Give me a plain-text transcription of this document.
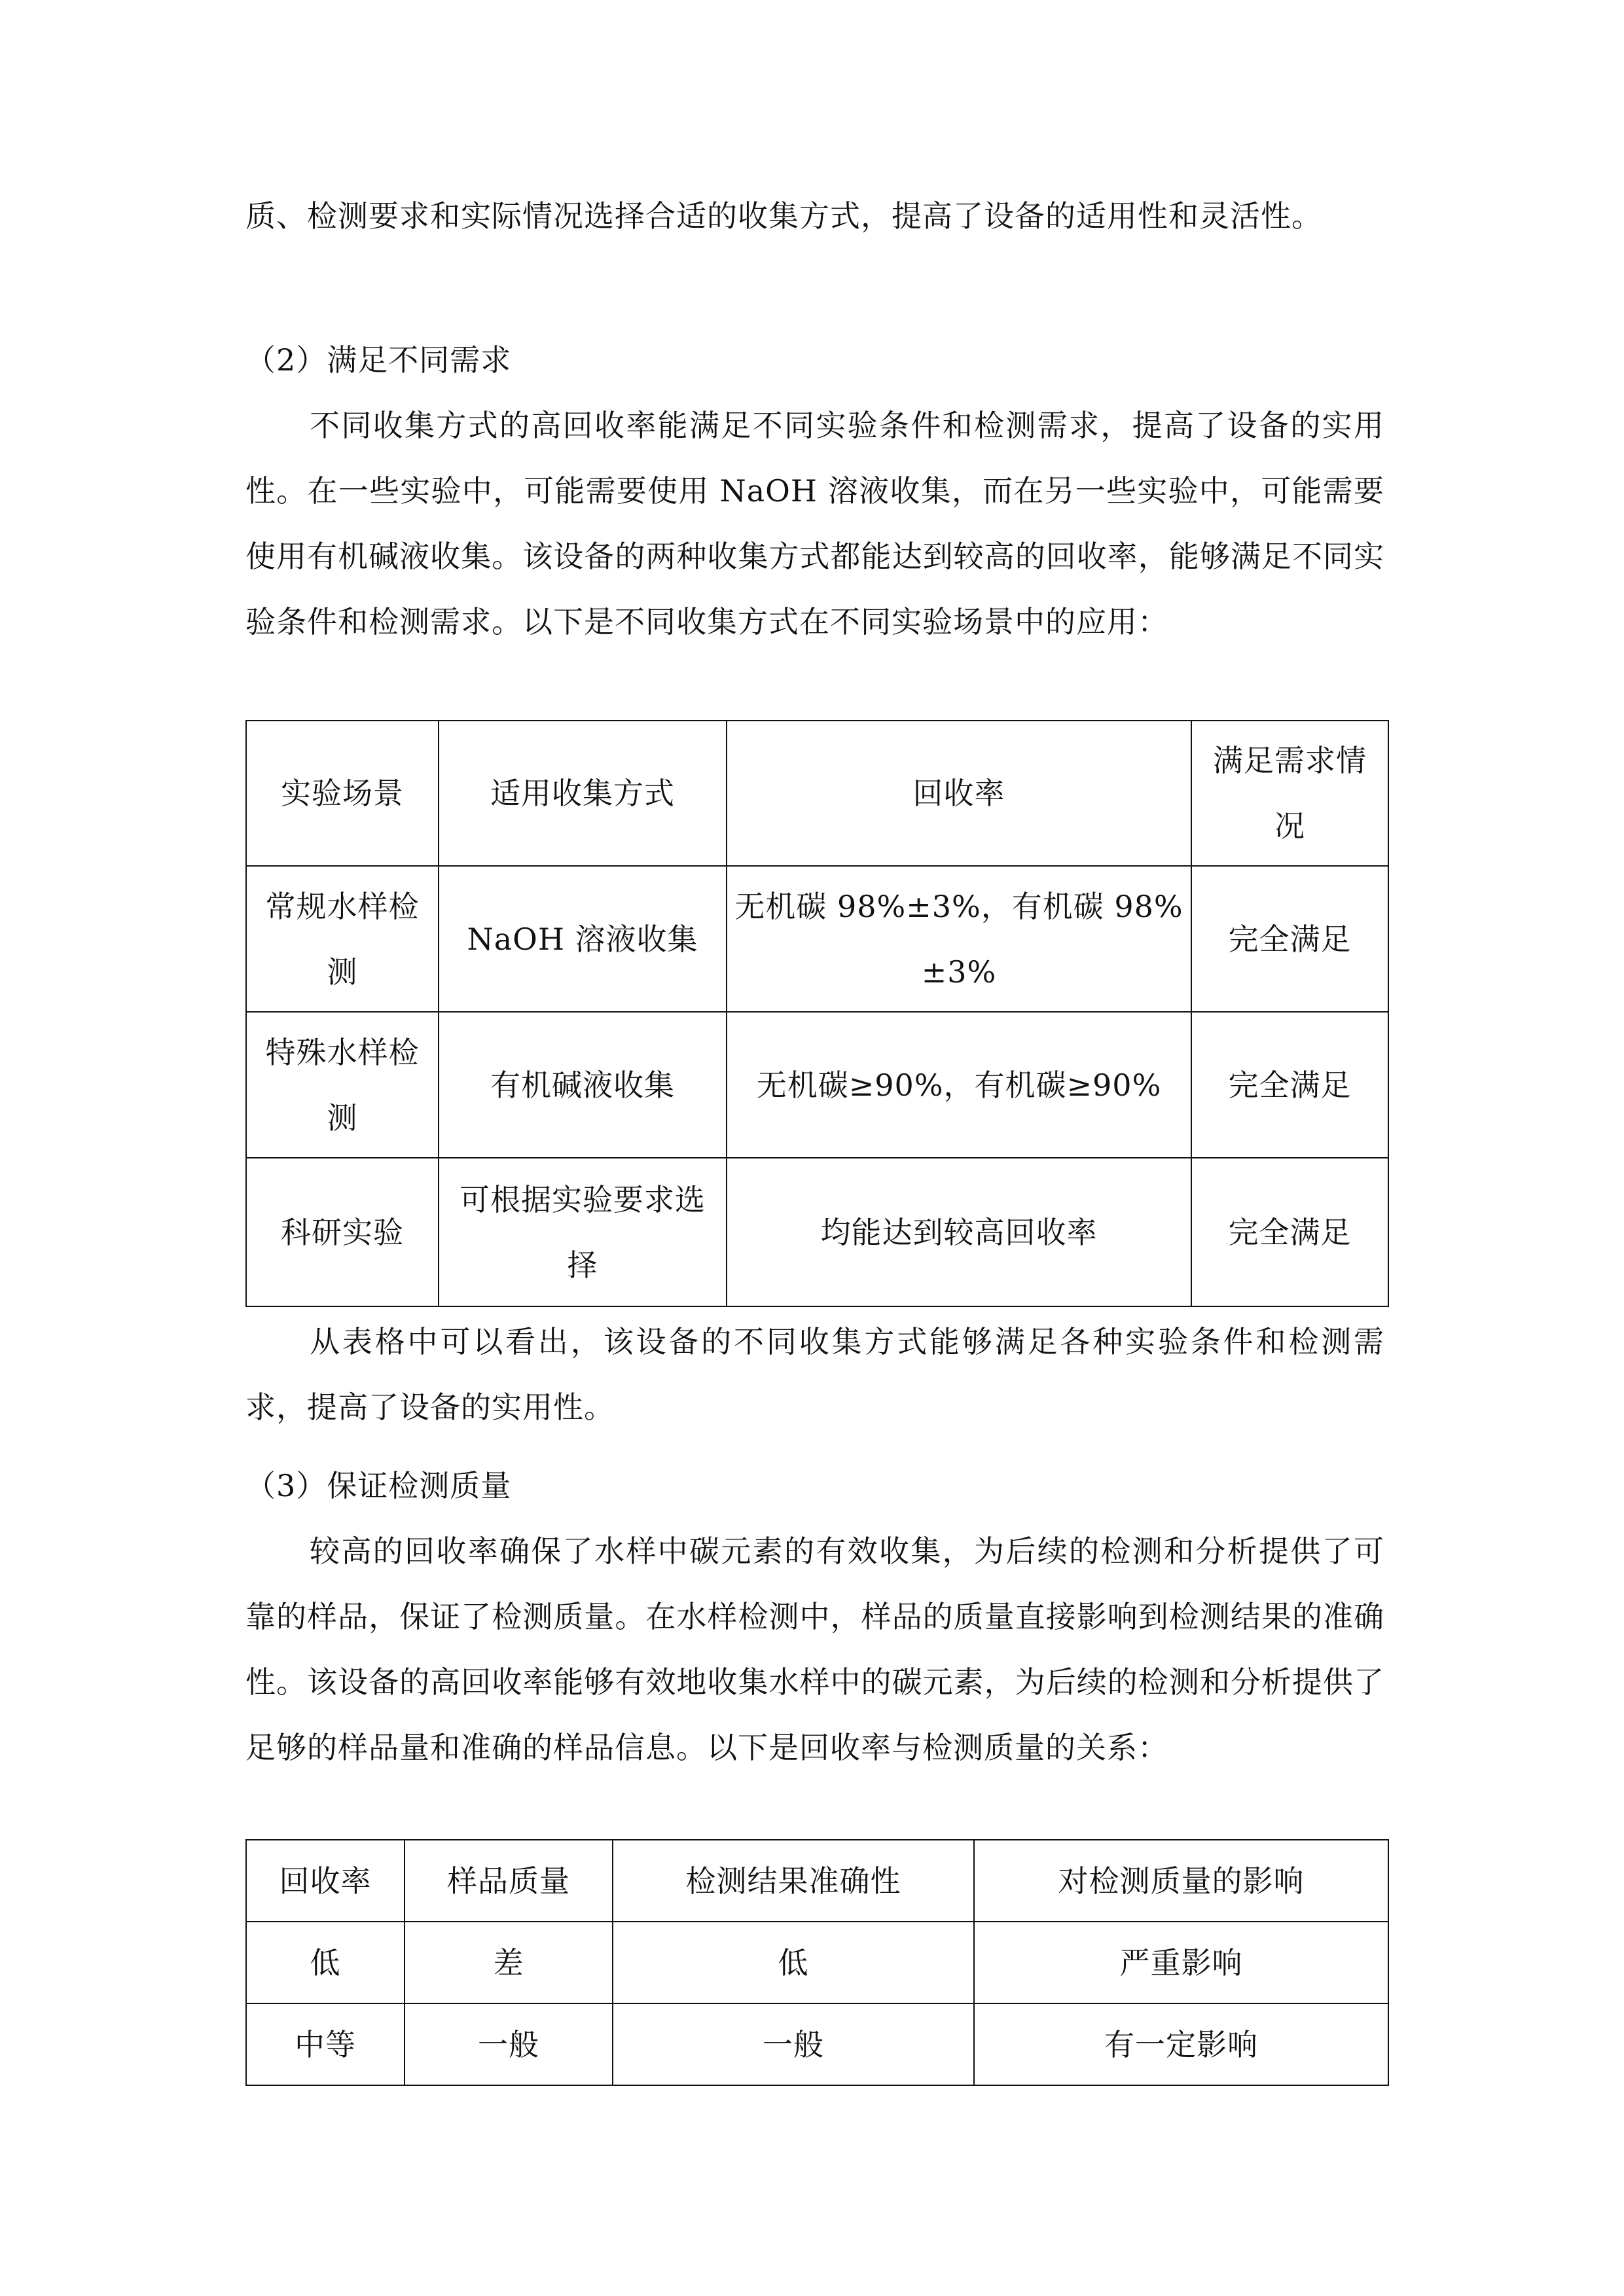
质、检测要求和实际情况选择合适的收集方式，提高了设备的适用性和灵活性。

（2）满足不同需求

不同收集方式的高回收率能满足不同实验条件和检测需求，提高了设备的实用性。在一些实验中，可能需要使用 NaOH 溶液收集，而在另一些实验中，可能需要使用有机碱液收集。该设备的两种收集方式都能达到较高的回收率，能够满足不同实验条件和检测需求。以下是不同收集方式在不同实验场景中的应用：

实验场景	适用收集方式	回收率	满足需求情况
常规水样检测	NaOH 溶液收集	无机碳 98%±3%，有机碳 98%±3%	完全满足
特殊水样检测	有机碱液收集	无机碳≥90%，有机碳≥90%	完全满足
科研实验	可根据实验要求选择	均能达到较高回收率	完全满足

从表格中可以看出，该设备的不同收集方式能够满足各种实验条件和检测需求，提高了设备的实用性。

（3）保证检测质量

较高的回收率确保了水样中碳元素的有效收集，为后续的检测和分析提供了可靠的样品，保证了检测质量。在水样检测中，样品的质量直接影响到检测结果的准确性。该设备的高回收率能够有效地收集水样中的碳元素，为后续的检测和分析提供了足够的样品量和准确的样品信息。以下是回收率与检测质量的关系：

回收率	样品质量	检测结果准确性	对检测质量的影响
低	差	低	严重影响
中等	一般	一般	有一定影响
